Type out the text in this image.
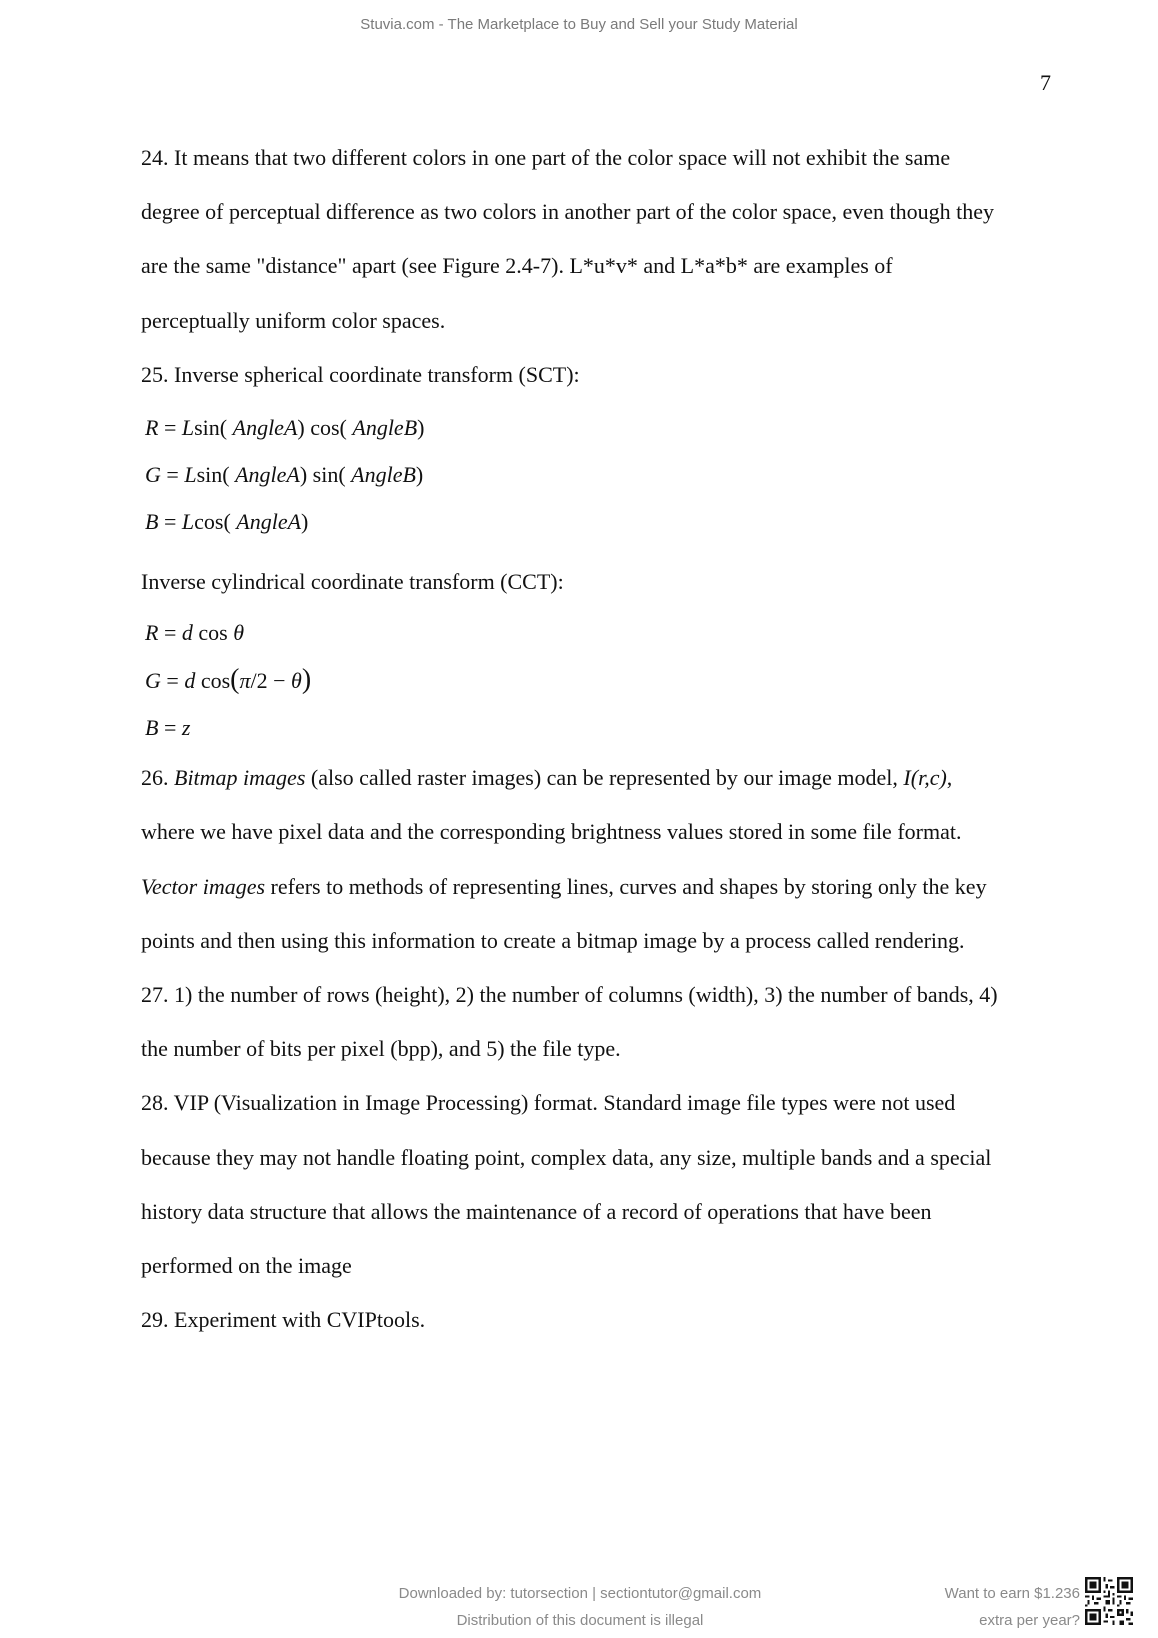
Stuvia.com - The Marketplace to Buy and Sell your Study Material
7

24. It means that two different colors in one part of the color space will not exhibit the same

degree of perceptual difference as two colors in another part of the color space, even though they

are the same "distance" apart (see Figure 2.4-7). L*u*v* and L*a*b* are examples of

perceptually uniform color spaces.

25. Inverse spherical coordinate transform (SCT):

R = Lsin( AngleA) cos( AngleB)
G = Lsin( AngleA) sin( AngleB)
B = Lcos( AngleA)

Inverse cylindrical coordinate transform (CCT):

R = d cos θ
G = d cos(π/2 − θ)
B = z

26. Bitmap images (also called raster images) can be represented by our image model, I(r,c),

where we have pixel data and the corresponding brightness values stored in some file format.

Vector images refers to methods of representing lines, curves and shapes by storing only the key

points and then using this information to create a bitmap image by a process called rendering.

27. 1) the number of rows (height), 2) the number of columns (width), 3) the number of bands, 4)

the number of bits per pixel (bpp), and 5) the file type.

28. VIP (Visualization in Image Processing) format. Standard image file types were not used

because they may not handle floating point, complex data, any size, multiple bands and a special

history data structure that allows the maintenance of a record of operations that have been

performed on the image

29. Experiment with CVIPtools.

Downloaded by: tutorsection | sectiontutor@gmail.com
Distribution of this document is illegal
Want to earn $1.236
extra per year?
